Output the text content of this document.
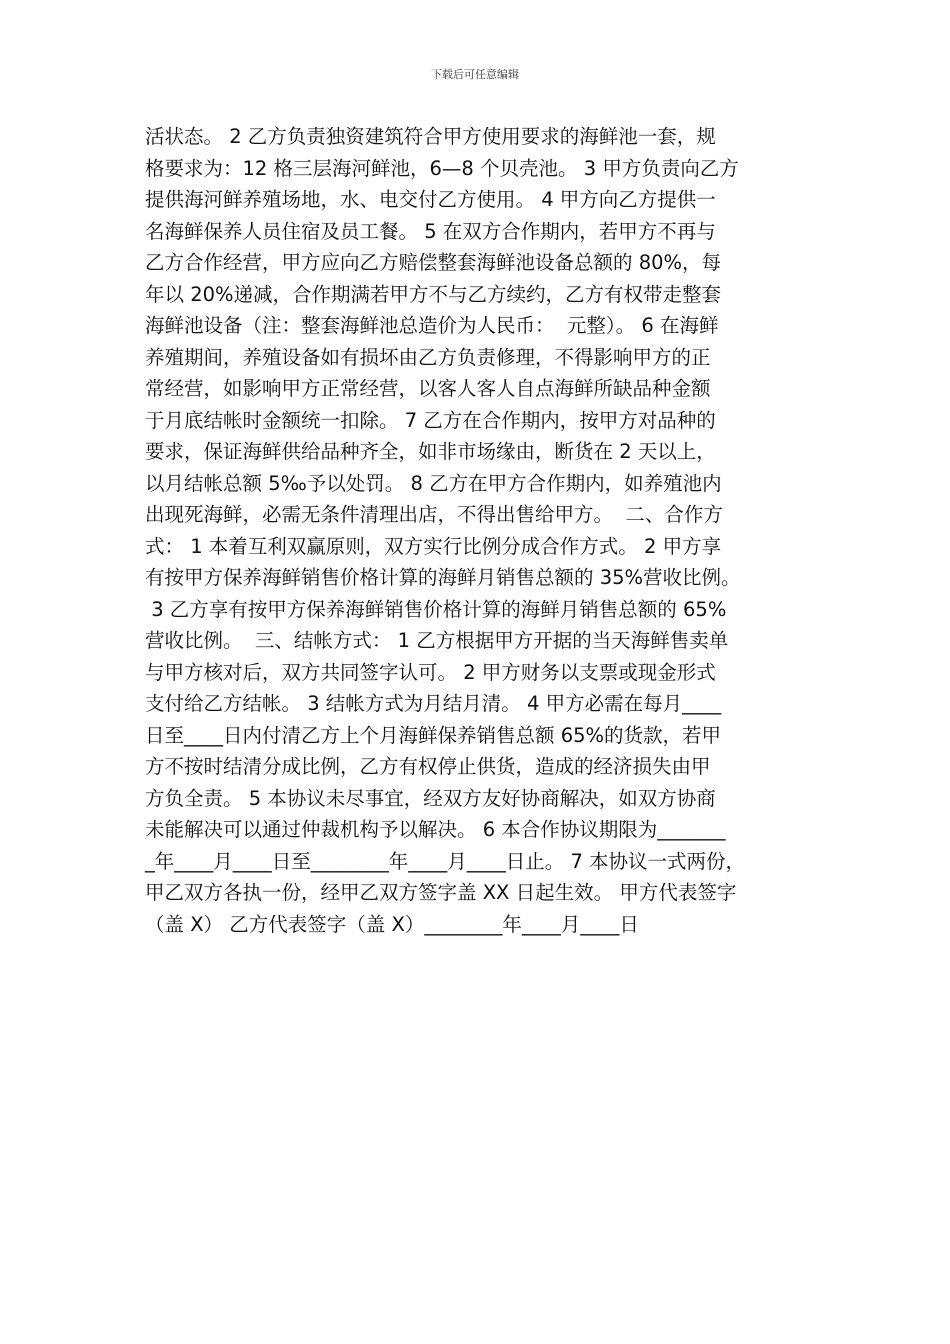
下载后可任意编辑
活状态。 2 乙方负责独资建筑符合甲方使用要求的海鲜池一套，规
格要求为：12 格三层海河鲜池，6—8 个贝壳池。 3 甲方负责向乙方
提供海河鲜养殖场地，水、电交付乙方使用。 4 甲方向乙方提供一
名海鲜保养人员住宿及员工餐。 5 在双方合作期内，若甲方不再与
乙方合作经营，甲方应向乙方赔偿整套海鲜池设备总额的 80%，每
年以 20%递减，合作期满若甲方不与乙方续约，乙方有权带走整套
海鲜池设备（注：整套海鲜池总造价为人民币：  元整）。 6 在海鲜
养殖期间，养殖设备如有损坏由乙方负责修理，不得影响甲方的正
常经营，如影响甲方正常经营，以客人客人自点海鲜所缺品种金额
于月底结帐时金额统一扣除。 7 乙方在合作期内，按甲方对品种的
要求，保证海鲜供给品种齐全，如非市场缘由，断货在 2 天以上，
以月结帐总额 5‰予以处罚。 8 乙方在甲方合作期内，如养殖池内
出现死海鲜，必需无条件清理出店，不得出售给甲方。  二、合作方
式： 1 本着互利双赢原则，双方实行比例分成合作方式。 2 甲方享
有按甲方保养海鲜销售价格计算的海鲜月销售总额的 35%营收比例。
3 乙方享有按甲方保养海鲜销售价格计算的海鲜月销售总额的 65%
营收比例。  三、结帐方式： 1 乙方根据甲方开据的当天海鲜售卖单
与甲方核对后，双方共同签字认可。 2 甲方财务以支票或现金形式
支付给乙方结帐。 3 结帐方式为月结月清。 4 甲方必需在每月____
日至____日内付清乙方上个月海鲜保养销售总额 65%的货款，若甲
方不按时结清分成比例，乙方有权停止供货，造成的经济损失由甲
方负全责。 5 本协议未尽事宜，经双方友好协商解决，如双方协商
未能解决可以通过仲裁机构予以解决。 6 本合作协议期限为_______
_年____月____日至________年____月____日止。 7 本协议一式两份，
甲乙双方各执一份，经甲乙双方签字盖 XX 日起生效。 甲方代表签字
（盖 X） 乙方代表签字（盖 X）________年____月____日
